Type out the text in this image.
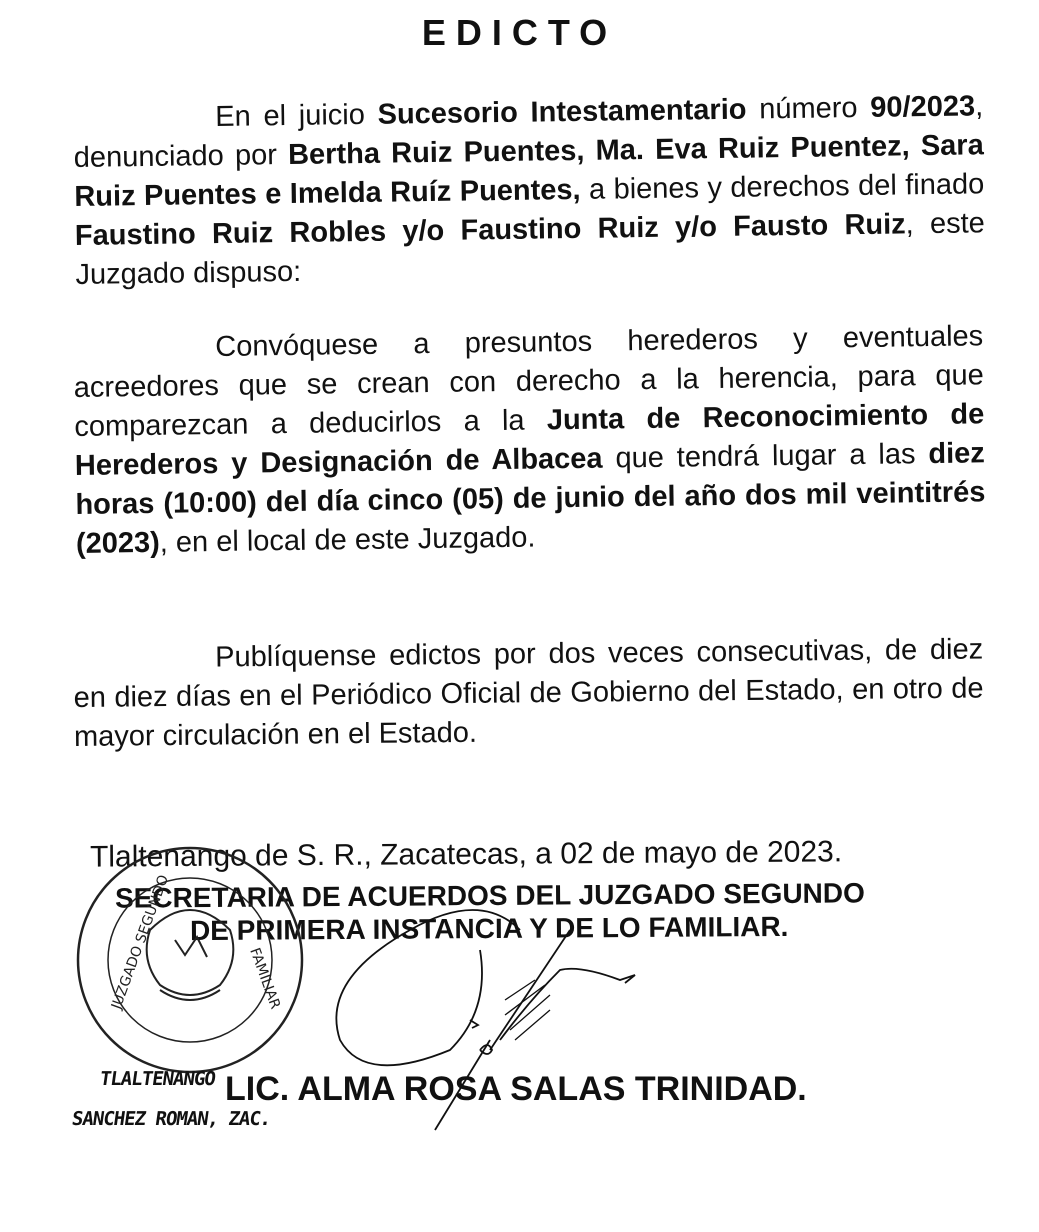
EDICTO
En el juicio Sucesorio Intestamentario número 90/2023, denunciado por Bertha Ruiz Puentes, Ma. Eva Ruiz Puentez, Sara Ruiz Puentes e Imelda Ruíz Puentes, a bienes y derechos del finado Faustino Ruiz Robles y/o Faustino Ruiz y/o Fausto Ruiz, este Juzgado dispuso:
Convóquese a presuntos herederos y eventuales acreedores que se crean con derecho a la herencia, para que comparezcan a deducirlos a la Junta de Reconocimiento de Herederos y Designación de Albacea que tendrá lugar a las diez horas (10:00) del día cinco (05) de junio del año dos mil veintitrés (2023), en el local de este Juzgado.
Publíquense edictos por dos veces consecutivas, de diez en diez días en el Periódico Oficial de Gobierno del Estado, en otro de mayor circulación en el Estado.
Tlaltenango de S. R., Zacatecas, a 02 de mayo de 2023.
SECRETARIA DE ACUERDOS DEL JUZGADO SEGUNDO
DE PRIMERA INSTANCIA Y DE LO FAMILIAR.
JUZGADO SEGUNDO	FAMILIAR
TLALTENANGO
SANCHEZ ROMAN, ZAC.
LIC. ALMA ROSA SALAS TRINIDAD.
